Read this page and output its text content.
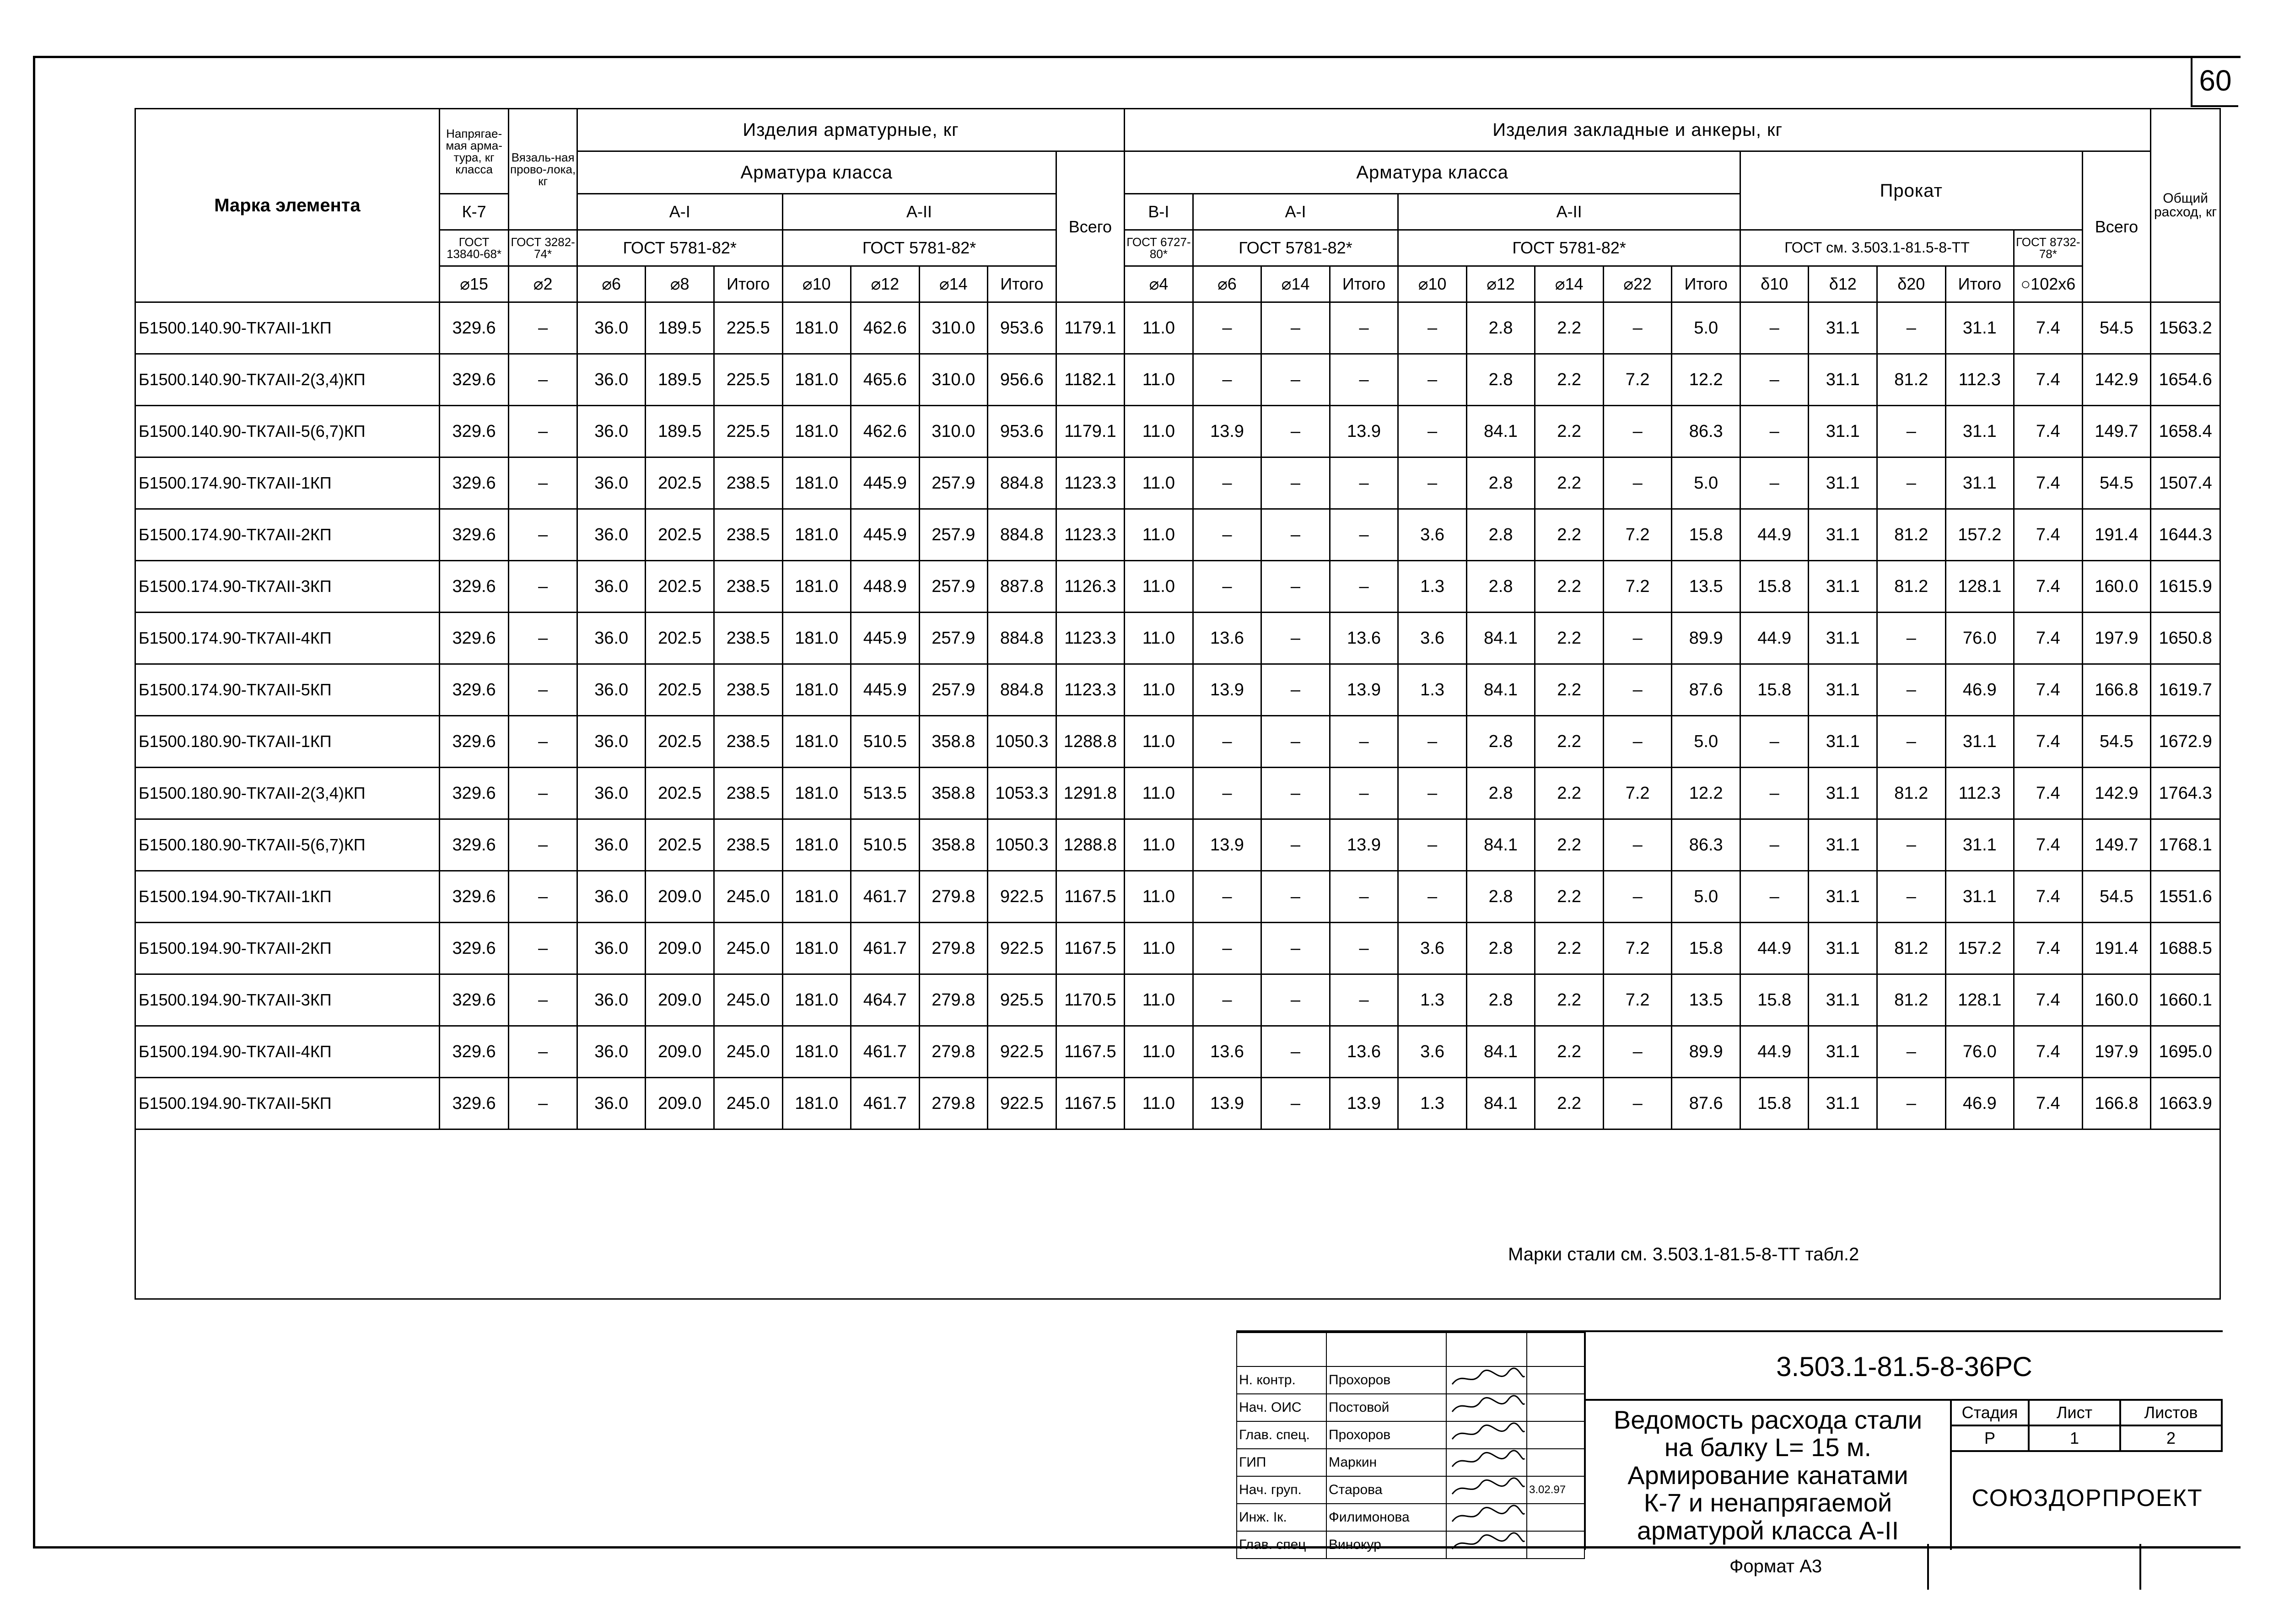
60
Марка элемента	Напрягае-мая арма-тура, кг класса	Вязаль-ная прово-лока, кг	Изделия арматурные, кг								Изделия закладные и анкеры, кг															Общий расход, кг
			Арматура класса							Всего	Арматура класса									Прокат					Всего	
	К-7		А-I			А-II					В-I	А-I			А-II											
	ГОСТ 13840-68*	ГОСТ 3282-74*	ГОСТ 5781-82*			ГОСТ 5781-82*					ГОСТ 6727-80*	ГОСТ 5781-82*			ГОСТ 5781-82*					ГОСТ см. 3.503.1-81.5-8-ТТ				ГОСТ 8732-78*		
	⌀15	⌀2	⌀6	⌀8	Итого	⌀10	⌀12	⌀14	Итого		⌀4	⌀6	⌀14	Итого	⌀10	⌀12	⌀14	⌀22	Итого	δ10	δ12	δ20	Итого	○102х6		
Б1500.140.90-ТК7АII-1КП	329.6	–	36.0	189.5	225.5	181.0	462.6	310.0	953.6	1179.1	11.0	–	–	–	–	2.8	2.2	–	5.0	–	31.1	–	31.1	7.4	54.5	1563.2
Б1500.140.90-ТК7АII-2(3,4)КП	329.6	–	36.0	189.5	225.5	181.0	465.6	310.0	956.6	1182.1	11.0	–	–	–	–	2.8	2.2	7.2	12.2	–	31.1	81.2	112.3	7.4	142.9	1654.6
Б1500.140.90-ТК7АII-5(6,7)КП	329.6	–	36.0	189.5	225.5	181.0	462.6	310.0	953.6	1179.1	11.0	13.9	–	13.9	–	84.1	2.2	–	86.3	–	31.1	–	31.1	7.4	149.7	1658.4
Б1500.174.90-ТК7АII-1КП	329.6	–	36.0	202.5	238.5	181.0	445.9	257.9	884.8	1123.3	11.0	–	–	–	–	2.8	2.2	–	5.0	–	31.1	–	31.1	7.4	54.5	1507.4
Б1500.174.90-ТК7АII-2КП	329.6	–	36.0	202.5	238.5	181.0	445.9	257.9	884.8	1123.3	11.0	–	–	–	3.6	2.8	2.2	7.2	15.8	44.9	31.1	81.2	157.2	7.4	191.4	1644.3
Б1500.174.90-ТК7АII-3КП	329.6	–	36.0	202.5	238.5	181.0	448.9	257.9	887.8	1126.3	11.0	–	–	–	1.3	2.8	2.2	7.2	13.5	15.8	31.1	81.2	128.1	7.4	160.0	1615.9
Б1500.174.90-ТК7АII-4КП	329.6	–	36.0	202.5	238.5	181.0	445.9	257.9	884.8	1123.3	11.0	13.6	–	13.6	3.6	84.1	2.2	–	89.9	44.9	31.1	–	76.0	7.4	197.9	1650.8
Б1500.174.90-ТК7АII-5КП	329.6	–	36.0	202.5	238.5	181.0	445.9	257.9	884.8	1123.3	11.0	13.9	–	13.9	1.3	84.1	2.2	–	87.6	15.8	31.1	–	46.9	7.4	166.8	1619.7
Б1500.180.90-ТК7АII-1КП	329.6	–	36.0	202.5	238.5	181.0	510.5	358.8	1050.3	1288.8	11.0	–	–	–	–	2.8	2.2	–	5.0	–	31.1	–	31.1	7.4	54.5	1672.9
Б1500.180.90-ТК7АII-2(3,4)КП	329.6	–	36.0	202.5	238.5	181.0	513.5	358.8	1053.3	1291.8	11.0	–	–	–	–	2.8	2.2	7.2	12.2	–	31.1	81.2	112.3	7.4	142.9	1764.3
Б1500.180.90-ТК7АII-5(6,7)КП	329.6	–	36.0	202.5	238.5	181.0	510.5	358.8	1050.3	1288.8	11.0	13.9	–	13.9	–	84.1	2.2	–	86.3	–	31.1	–	31.1	7.4	149.7	1768.1
Б1500.194.90-ТК7АII-1КП	329.6	–	36.0	209.0	245.0	181.0	461.7	279.8	922.5	1167.5	11.0	–	–	–	–	2.8	2.2	–	5.0	–	31.1	–	31.1	7.4	54.5	1551.6
Б1500.194.90-ТК7АII-2КП	329.6	–	36.0	209.0	245.0	181.0	461.7	279.8	922.5	1167.5	11.0	–	–	–	3.6	2.8	2.2	7.2	15.8	44.9	31.1	81.2	157.2	7.4	191.4	1688.5
Б1500.194.90-ТК7АII-3КП	329.6	–	36.0	209.0	245.0	181.0	464.7	279.8	925.5	1170.5	11.0	–	–	–	1.3	2.8	2.2	7.2	13.5	15.8	31.1	81.2	128.1	7.4	160.0	1660.1
Б1500.194.90-ТК7АII-4КП	329.6	–	36.0	209.0	245.0	181.0	461.7	279.8	922.5	1167.5	11.0	13.6	–	13.6	3.6	84.1	2.2	–	89.9	44.9	31.1	–	76.0	7.4	197.9	1695.0
Б1500.194.90-ТК7АII-5КП	329.6	–	36.0	209.0	245.0	181.0	461.7	279.8	922.5	1167.5	11.0	13.9	–	13.9	1.3	84.1	2.2	–	87.6	15.8	31.1	–	46.9	7.4	166.8	1663.9

Марки стали см. 3.503.1-81.5-8-ТТ табл.2

Н. контр.	Прохоров		
Нач. ОИС	Постовой		
Глав. спец.	Прохоров		
ГИП	Маркин		
Нач. груп.	Старова		3.02.97
Инж. Iк.	Филимонова		
Глав. спец	Винокур		
3.503.1-81.5-8-36РС
Ведомость расхода стали
на балку L= 15 м.
Армирование канатами
К-7 и ненапрягаемой
арматурой класса А-II
Стадия	Лист	Листов
Р	1	2
СОЮЗДОРПРОЕКТ
Формат А3
